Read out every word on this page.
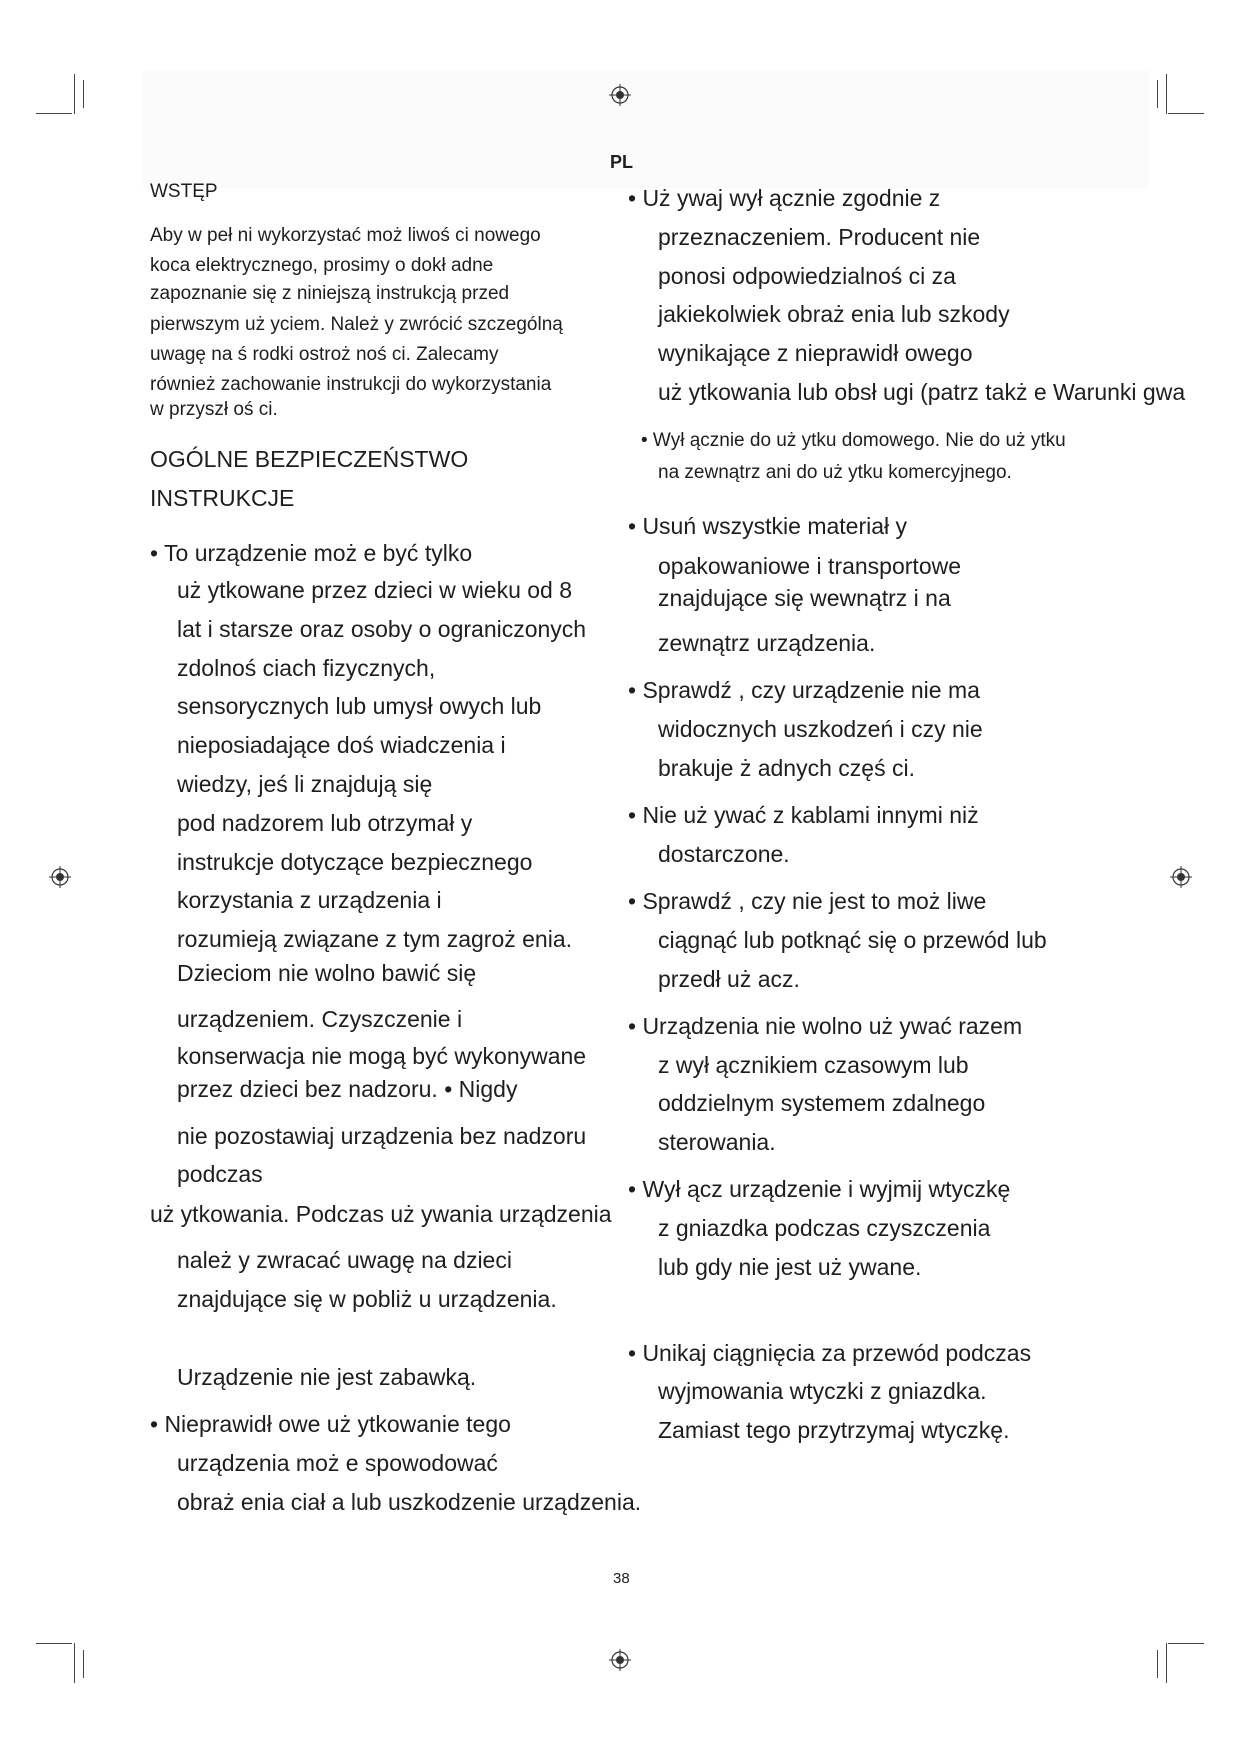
PL
WSTĘP
Aby w peł ni wykorzystać moż liwoś ci nowego
koca elektrycznego, prosimy o dokł adne
zapoznanie się z niniejszą instrukcją przed
pierwszym uż yciem. Należ y zwrócić szczególną
uwagę na ś rodki ostroż noś ci. Zalecamy
również zachowanie instrukcji do wykorzystania
w przyszł oś ci.
OGÓLNE BEZPIECZEŃSTWO
INSTRUKCJE
• To urządzenie moż e być tylko
uż ytkowane przez dzieci w wieku od 8
lat i starsze oraz osoby o ograniczonych
zdolnoś ciach fizycznych,
sensorycznych lub umysł owych lub
nieposiadające doś wiadczenia i
wiedzy, jeś li znajdują się
pod nadzorem lub otrzymał y
instrukcje dotyczące bezpiecznego
korzystania z urządzenia i
rozumieją związane z tym zagroż enia.
Dzieciom nie wolno bawić się
urządzeniem. Czyszczenie i
konserwacja nie mogą być wykonywane
przez dzieci bez nadzoru. • Nigdy
nie pozostawiaj urządzenia bez nadzoru
podczas
uż ytkowania. Podczas uż ywania urządzenia
należ y zwracać uwagę na dzieci
znajdujące się w pobliż u urządzenia.
Urządzenie nie jest zabawką.
• Nieprawidł owe uż ytkowanie tego
urządzenia moż e spowodować
obraż enia ciał a lub uszkodzenie urządzenia.
• Uż ywaj wył ącznie zgodnie z
przeznaczeniem. Producent nie
ponosi odpowiedzialnoś ci za
jakiekolwiek obraż enia lub szkody
wynikające z nieprawidł owego
uż ytkowania lub obsł ugi (patrz takż e Warunki gwa
• Wył ącznie do uż ytku domowego. Nie do uż ytku
na zewnątrz ani do uż ytku komercyjnego.
• Usuń wszystkie materiał y
opakowaniowe i transportowe
znajdujące się wewnątrz i na
zewnątrz urządzenia.
• Sprawdź , czy urządzenie nie ma
widocznych uszkodzeń i czy nie
brakuje ż adnych częś ci.
• Nie uż ywać z kablami innymi niż
dostarczone.
• Sprawdź , czy nie jest to moż liwe
ciągnąć lub potknąć się o przewód lub
przedł uż acz.
• Urządzenia nie wolno uż ywać razem
z wył ącznikiem czasowym lub
oddzielnym systemem zdalnego
sterowania.
• Wył ącz urządzenie i wyjmij wtyczkę
z gniazdka podczas czyszczenia
lub gdy nie jest uż ywane.
• Unikaj ciągnięcia za przewód podczas
wyjmowania wtyczki z gniazdka.
Zamiast tego przytrzymaj wtyczkę.
38
